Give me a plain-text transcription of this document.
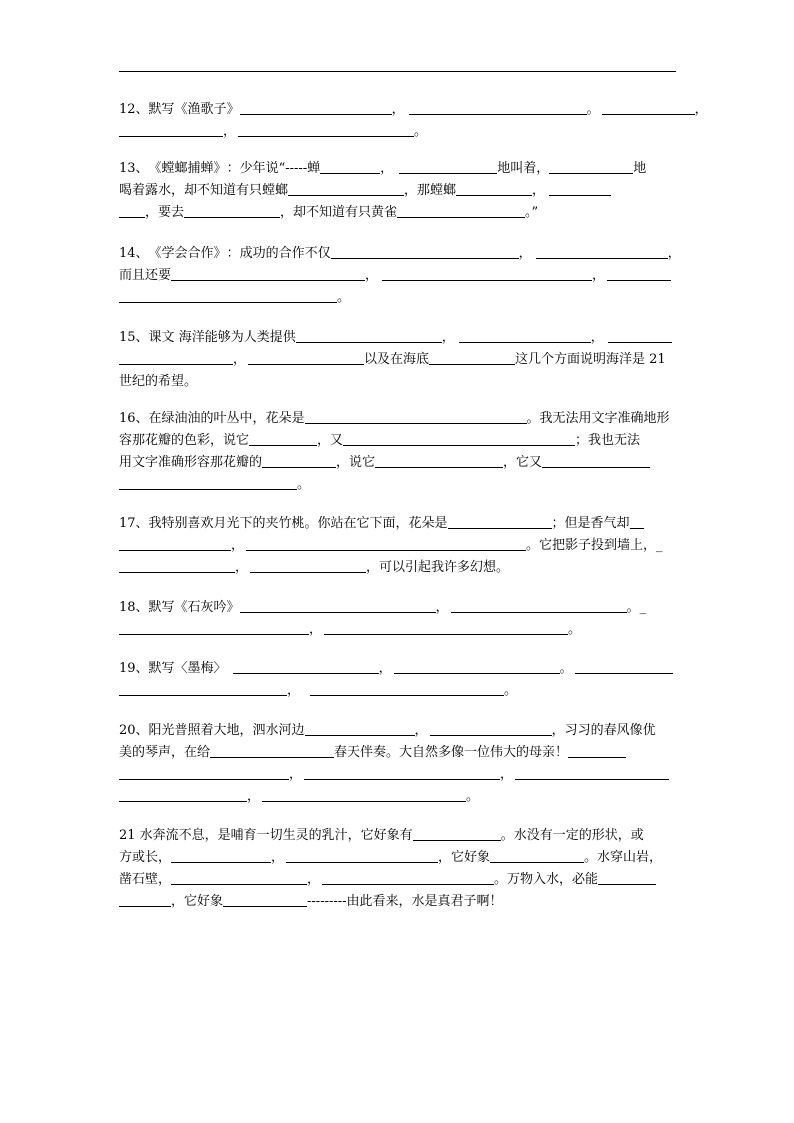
12、默写《渔歌子》	，	。	，
，	。
13、《螳螂捕蝉》：少年说“-----蝉	，	地叫着，	地
喝着露水，却不知道有只螳螂	，那螳螂	，
，要去	，却不知道有只黄雀	。”
14、《学会合作》：成功的合作不仅	，	，
而且还要	，	，
。
15、课文 海洋能够为人类提供	，	，
，	以及在海底	这几个方面说明海洋是 21
世纪的希望。
16、在绿油油的叶丛中，花朵是	。我无法用文字准确地形
容那花瓣的色彩，说它	，又	；我也无法
用文字准确形容那花瓣的	，说它	，它又
。
17、我特别喜欢月光下的夹竹桃。你站在它下面，花朵是	；但是香气却
，	。它把影子投到墙上，_
，	，可以引起我许多幻想。
18、默写《石灰吟》	，	。_
，	。
19、默写〈墨梅〉	，	。
，	。
20、阳光普照着大地，泗水河边	，	，习习的春风像优
美的琴声，在给	春天伴奏。大自然多像一位伟大的母亲！
，	，
，	。
21 水奔流不息，是哺育一切生灵的乳汁，它好象有	。水没有一定的形状，或
方或长，	，	，它好象	。水穿山岩，
凿石壁，	，	。万物入水，必能
，它好象	---------由此看来，水是真君子啊！
